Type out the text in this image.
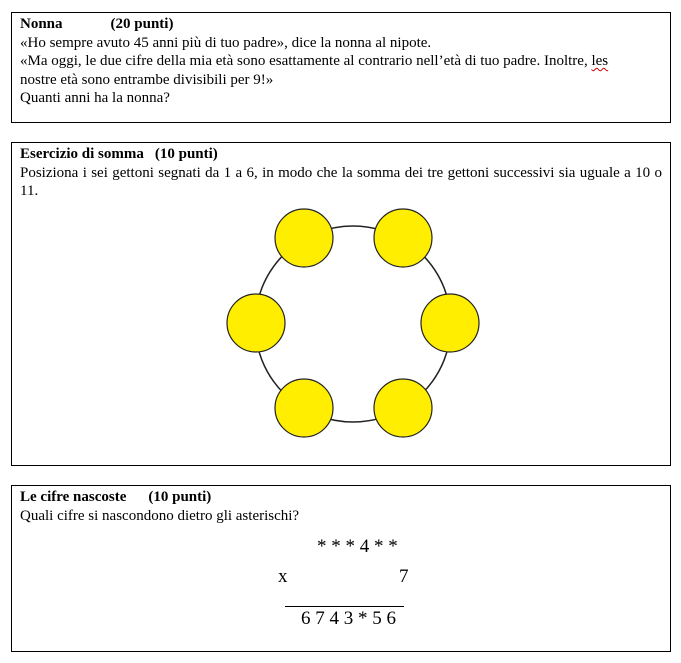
Nonna	(20 punti)

«Ho sempre avuto 45 anni più di tuo padre», dice la nonna al nipote.

«Ma oggi, le due cifre della mia età sono esattamente al contrario nell’età di tuo padre. Inoltre, les

nostre età sono entrambe divisibili per 9!»

Quanti anni ha la nonna?

Esercizio di somma (10 punti)

Posiziona i sei gettoni segnati da 1 a 6, in modo che la somma dei tre gettoni successivi sia uguale a 10 o 11.

Le cifre nascoste (10 punti)

Quali cifre si nascondono dietro gli asterischi?

* * * 4 * *
x	7
6 7 4 3 * 5 6
